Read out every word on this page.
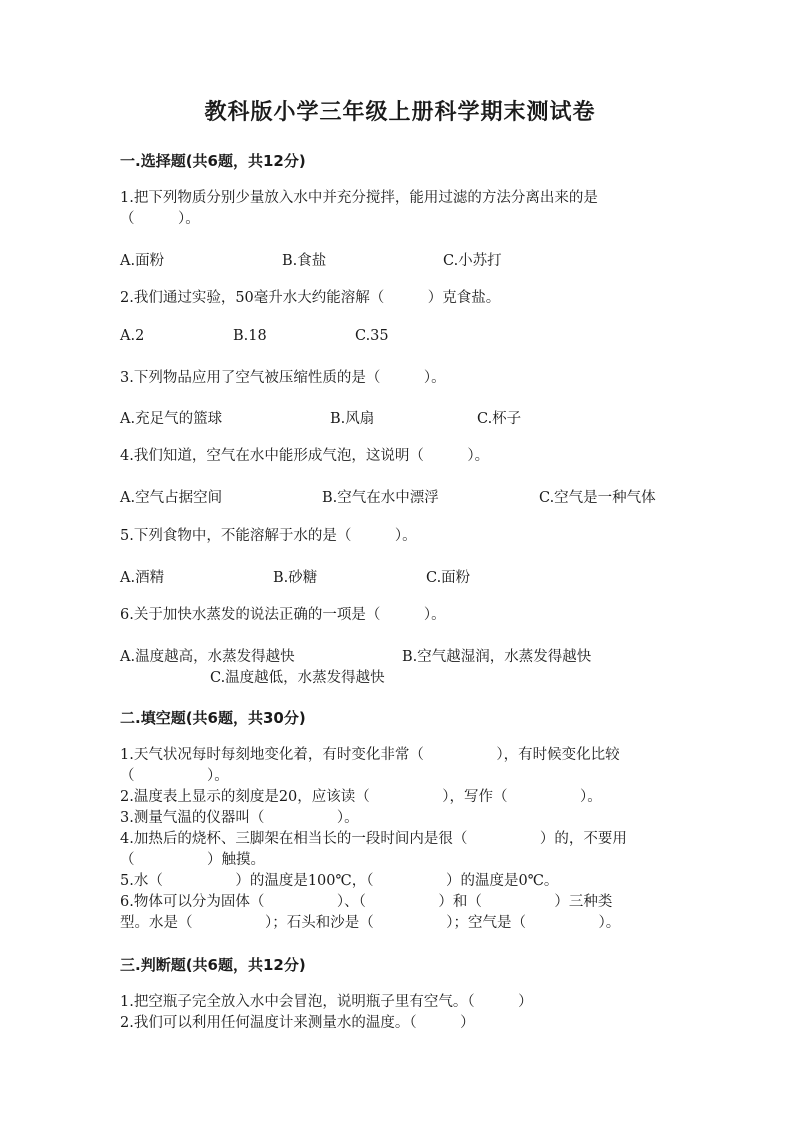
教科版小学三年级上册科学期末测试卷
一.选择题(共6题，共12分)
1.把下列物质分别少量放入水中并充分搅拌，能用过滤的方法分离出来的是
（　　　）。
A.面粉	B.食盐	C.小苏打
2.我们通过实验，50毫升水大约能溶解（　　　）克食盐。
A.2	B.18	C.35
3.下列物品应用了空气被压缩性质的是（　　　）。
A.充足气的篮球	B.风扇	C.杯子
4.我们知道，空气在水中能形成气泡，这说明（　　　）。
A.空气占据空间	B.空气在水中漂浮	C.空气是一种气体
5.下列食物中，不能溶解于水的是（　　　）。
A.酒精	B.砂糖	C.面粉
6.关于加快水蒸发的说法正确的一项是（　　　）。
A.温度越高，水蒸发得越快	B.空气越湿润，水蒸发得越快
C.温度越低，水蒸发得越快
二.填空题(共6题，共30分)
1.天气状况每时每刻地变化着，有时变化非常（　　　　　），有时候变化比较
（　　　　　）。
2.温度表上显示的刻度是20，应该读（　　　　　），写作（　　　　　）。
3.测量气温的仪器叫（　　　　　）。
4.加热后的烧杯、三脚架在相当长的一段时间内是很（　　　　　）的，不要用
（　　　　　）触摸。
5.水（　　　　　）的温度是100℃，（　　　　　）的温度是0℃。
6.物体可以分为固体（　　　　　）、（　　　　　）和（　　　　　）三种类
型。水是（　　　　　）；石头和沙是（　　　　　）；空气是（　　　　　）。
三.判断题(共6题，共12分)
1.把空瓶子完全放入水中会冒泡，说明瓶子里有空气。（　　　）
2.我们可以利用任何温度计来测量水的温度。（　　　）
